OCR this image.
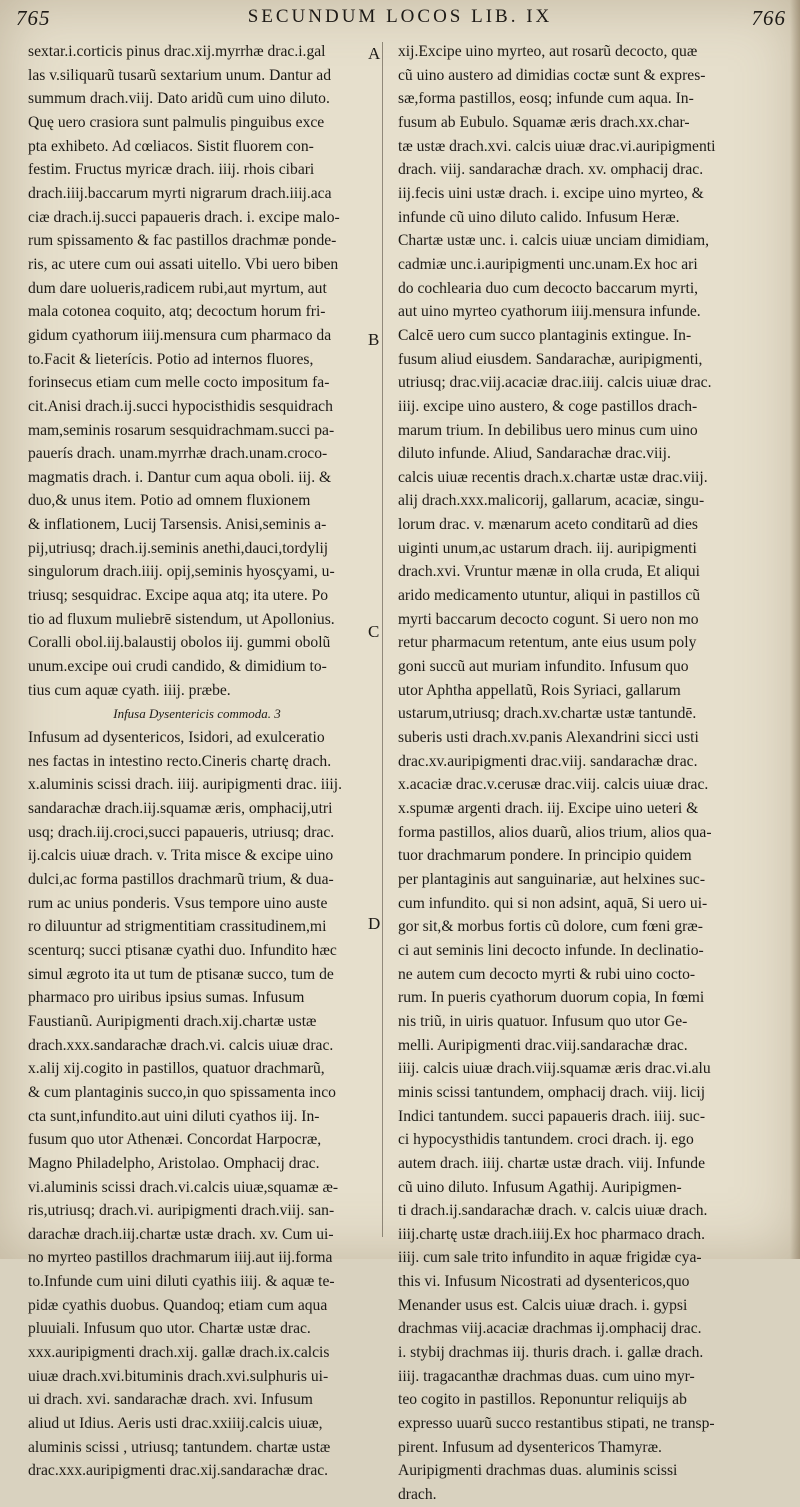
765	SECUNDUM LOCOS LIB. IX	766
sextar.i.corticis pinus drac.xij.myrrhæ drac.i.gal
las v.siliquarũ tusarũ sextarium unum. Dantur ad
summum drach.viij. Dato aridũ cum uino diluto.
Quę uero crasiora sunt palmulis pinguibus exce
pta exhibeto. Ad cœliacos. Sistit fluorem con-
festim. Fructus myricæ drach. iiij. rhois cibari
drach.iiij.baccarum myrti nigrarum drach.iiij.aca
ciæ drach.ij.succi papaueris drach. i. excipe malo-
rum spissamento & fac pastillos drachmæ ponde-
ris, ac utere cum oui assati uitello. Vbi uero biben
dum dare uolueris,radicem rubi,aut myrtum, aut
mala cotonea coquito, atq; decoctum horum fri-
gidum cyathorum iiij.mensura cum pharmaco da
to.Facit & lieterícis. Potio ad internos fluores,
forinsecus etiam cum melle cocto impositum fa-
cit.Anisi drach.ij.succi hypocisthidis sesquidrach
mam,seminis rosarum sesquidrachmam.succi pa-
pauerís drach. unam.myrrhæ drach.unam.croco-
magmatis drach. i. Dantur cum aqua oboli. iij. &
duo,& unus item. Potio ad omnem fluxionem
& inflationem, Lucij Tarsensis. Anisi,seminis a-
pij,utriusq; drach.ij.seminis anethi,dauci,tordylij
singulorum drach.iiij. opij,seminis hyosçyami, u-
triusq; sesquidrac. Excipe aqua atq; ita utere. Po
tio ad fluxum muliebrē sistendum, ut Apollonius.
Coralli obol.iij.balaustij obolos iij. gummi obolũ
unum.excipe oui crudi candido, & dimidium to-
tius cum aquæ cyath. iiij. præbe.
Infusa Dysentericis commoda. 3
Infusum ad dysentericos, Isidori, ad exulceratio
nes factas in intestino recto.Cineris chartę drach.
x.aluminis scissi drach. iiij. auripigmenti drac. iiij.
sandarachæ drach.iij.squamæ æris, omphacij,utri
usq; drach.iij.croci,succi papaueris, utriusq; drac.
ij.calcis uiuæ drach. v. Trita misce & excipe uino
dulci,ac forma pastillos drachmarũ trium, & dua-
rum ac unius ponderis. Vsus tempore uino auste
ro diluuntur ad strigmentitiam crassitudinem,mi
scenturq; succi ptisanæ cyathi duo. Infundito hæc
simul ægroto ita ut tum de ptisanæ succo, tum de
pharmaco pro uiribus ipsius sumas. Infusum
Faustianũ. Auripigmenti drach.xij.chartæ ustæ
drach.xxx.sandarachæ drach.vi. calcis uiuæ drac.
x.alij xij.cogito in pastillos, quatuor drachmarũ,
& cum plantaginis succo,in quo spissamenta inco
cta sunt,infundito.aut uini diluti cyathos iij. In-
fusum quo utor Athenæi. Concordat Harpocræ,
Magno Philadelpho, Aristolao. Omphacij drac.
vi.aluminis scissi drach.vi.calcis uiuæ,squamæ æ-
ris,utriusq; drach.vi. auripigmenti drach.viij. san-
darachæ drach.iij.chartæ ustæ drach. xv. Cum ui-
no myrteo pastillos drachmarum iiij.aut iij.forma
to.Infunde cum uini diluti cyathis iiij. & aquæ te-
pidæ cyathis duobus. Quandoq; etiam cum aqua
pluuiali. Infusum quo utor. Chartæ ustæ drac.
xxx.auripigmenti drach.xij. gallæ drach.ix.calcis
uiuæ drach.xvi.bituminis drach.xvi.sulphuris ui-
ui drach. xvi. sandarachæ drach. xvi. Infusum
aliud ut Idius. Aeris usti drac.xxiiij.calcis uiuæ,
aluminis scissi , utriusq; tantundem. chartæ ustæ
drac.xxx.auripigmenti drac.xij.sandarachæ drac.
A
B
C
D
xij.Excipe uino myrteo, aut rosarũ decocto, quæ
cũ uino austero ad dimidias coctæ sunt & expres-
sæ,forma pastillos, eosq; infunde cum aqua. In-
fusum ab Eubulo. Squamæ æris drach.xx.char-
tæ ustæ drach.xvi. calcis uiuæ drac.vi.auripigmenti
drach. viij. sandarachæ drach. xv. omphacij drac.
iij.fecis uini ustæ drach. i. excipe uino myrteo, &
infunde cũ uino diluto calido. Infusum Heræ.
Chartæ ustæ unc. i. calcis uiuæ unciam dimidiam,
cadmiæ unc.i.auripigmenti unc.unam.Ex hoc ari
do cochlearia duo cum decocto baccarum myrti,
aut uino myrteo cyathorum iiij.mensura infunde.
Calcē uero cum succo plantaginis extingue. In-
fusum aliud eiusdem. Sandarachæ, auripigmenti,
utriusq; drac.viij.acaciæ drac.iiij. calcis uiuæ drac.
iiij. excipe uino austero, & coge pastillos drach-
marum trium. In debilibus uero minus cum uino
diluto infunde. Aliud, Sandarachæ drac.viij.
calcis uiuæ recentis drach.x.chartæ ustæ drac.viij.
alij drach.xxx.malicorij, gallarum, acaciæ, singu-
lorum drac. v. mænarum aceto conditarũ ad dies
uiginti unum,ac ustarum drach. iij. auripigmenti
drach.xvi. Vruntur mænæ in olla cruda, Et aliqui
arido medicamento utuntur, aliqui in pastillos cũ
myrti baccarum decocto cogunt. Si uero non mo
retur pharmacum retentum, ante eius usum poly
goni succũ aut muriam infundito. Infusum quo
utor Aphtha appellatũ, Rois Syriaci, gallarum
ustarum,utriusq; drach.xv.chartæ ustæ tantundē.
suberis usti drach.xv.panis Alexandrini sicci usti
drac.xv.auripigmenti drac.viij. sandarachæ drac.
x.acaciæ drac.v.cerusæ drac.viij. calcis uiuæ drac.
x.spumæ argenti drach. iij. Excipe uino ueteri &
forma pastillos, alios duarũ, alios trium, alios qua-
tuor drachmarum pondere. In principio quidem
per plantaginis aut sanguinariæ, aut helxines suc-
cum infundito. qui si non adsint, aquā, Si uero ui-
gor sit,& morbus fortis cũ dolore, cum fœni græ-
ci aut seminis lini decocto infunde. In declinatio-
ne autem cum decocto myrti & rubi uino cocto-
rum. In pueris cyathorum duorum copia, In fœmi
nis triũ, in uiris quatuor. Infusum quo utor Ge-
melli. Auripigmenti drac.viij.sandarachæ drac.
iiij. calcis uiuæ drach.viij.squamæ æris drac.vi.alu
minis scissi tantundem, omphacij drach. viij. licij
Indici tantundem. succi papaueris drach. iiij. suc-
ci hypocysthidis tantundem. croci drach. ij. ego
autem drach. iiij. chartæ ustæ drach. viij. Infunde
cũ uino diluto. Infusum Agathij. Auripigmen-
ti drach.ij.sandarachæ drach. v. calcis uiuæ drach.
iiij.chartę ustæ drach.iiij.Ex hoc pharmaco drach.
iiij. cum sale trito infundito in aquæ frigidæ cya-
this vi. Infusum Nicostrati ad dysentericos,quo
Menander usus est. Calcis uiuæ drach. i. gypsi
drachmas viij.acaciæ drachmas ij.omphacij drac.
i. stybij drachmas iij. thuris drach. i. gallæ drach.
iiij. tragacanthæ drachmas duas. cum uino myr-
teo cogito in pastillos. Reponuntur reliquijs ab
expresso uuarũ succo restantibus stipati, ne transp-
pirent. Infusum ad dysentericos Thamyræ.
Auripigmenti drachmas duas. aluminis scissi
drach.
